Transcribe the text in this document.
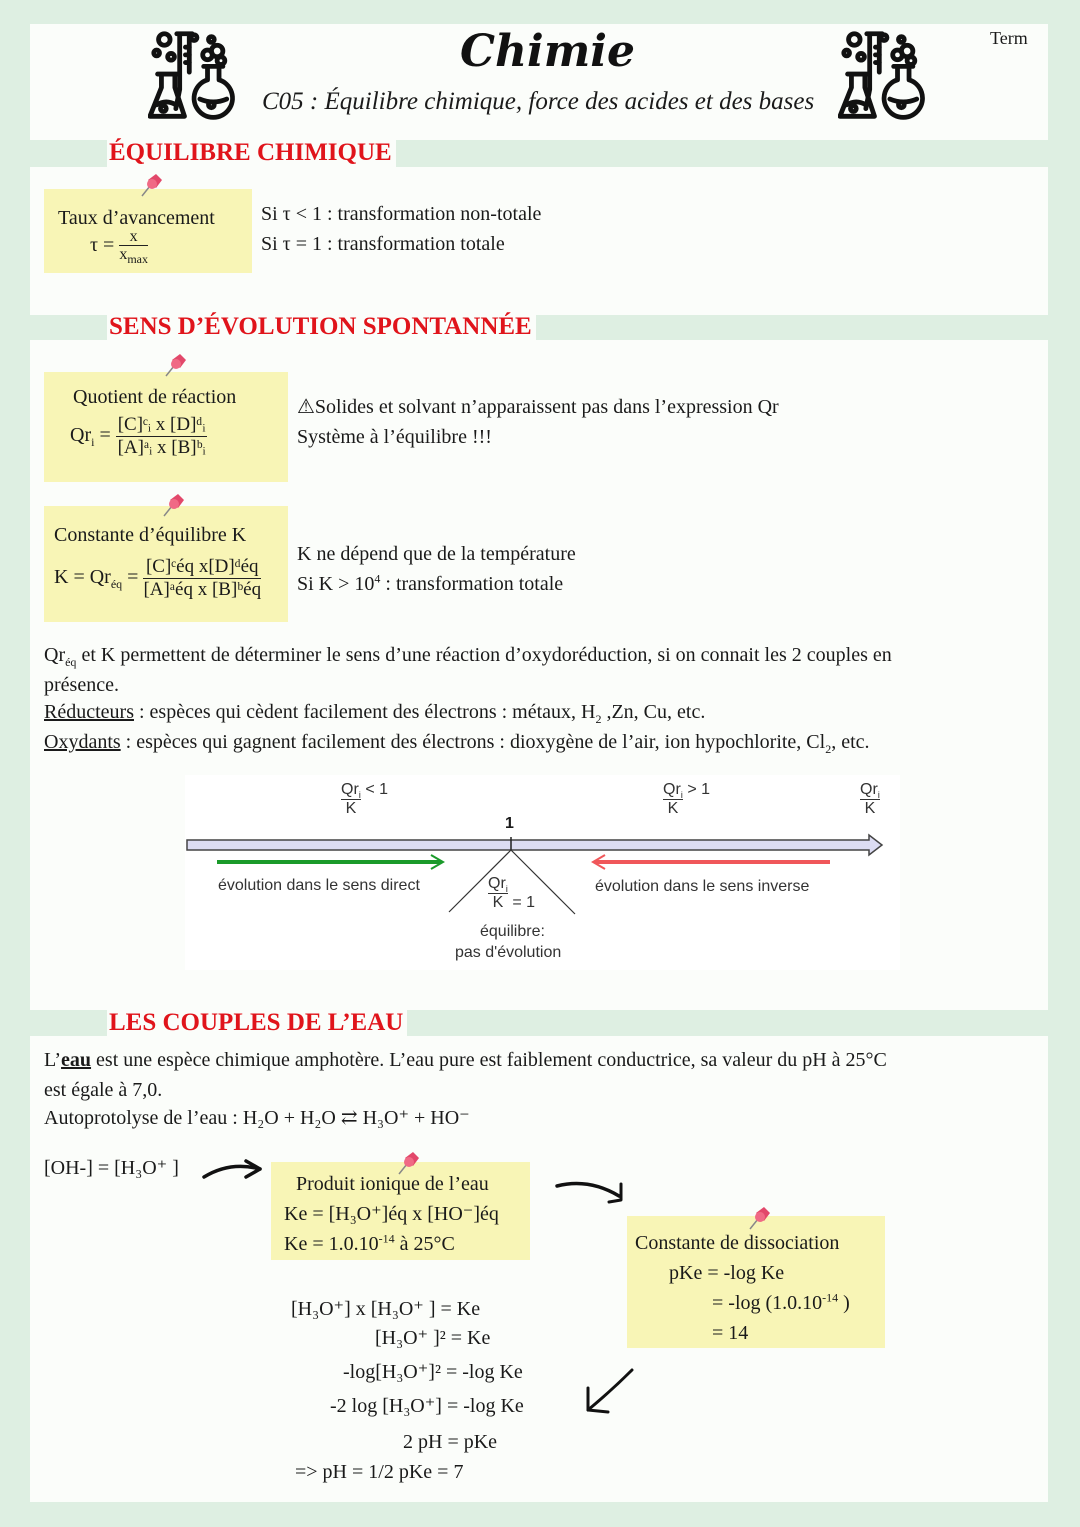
Chimie
C05 : Équilibre chimique, force des acides et des bases
Term
Taux d’avancement
$\tau = \frac{x}{x_{max}}$
Si τ < 1 : transformation non-totale
Si τ = 1 : transformation totale
ÉQUILIBRE CHIMIQUE
Quotient de réaction
$Qr_i = \frac{\text{[C]ᶜᵢ x [D]ᵈᵢ}}{\text{[A]ᵃᵢ x [B]ᵇᵢ}}$
⚠Solides et solvant n’apparaissent pas dans l’expression Qr
Système à l’équilibre !!!
Constante d’équilibre K
$K = Qr_{éq} = \frac{\text{[C]ᶜéq x[D]ᵈéq}}{\text{[A]ᵃéq x [B]ᵇéq}}$
K ne dépend que de la température
Si $K > 10^4$ : transformation totale
$Qr_{éq}$ et K permettent de déterminer le sens d’une réaction d’oxydoréduction, si on connait les 2 couples en
présence.
Réducteurs : espèces qui cèdent facilement des électrons : métaux, $H_2$ ,Zn, Cu, etc.
Oxydants : espèces qui gagnent facilement des électrons : dioxygène de l’air, ion hypochlorite, $Cl_2$, etc.
SENS D’ÉVOLUTION SPONTANNÉE
$Qr_i$
K
< 1
1
$Qr_i$
K
> 1	$Qr_i$
K
évolution dans le sens direct	évolution dans le sens inverse
$Qr_i$
K = 1
équilibre:
pas d'évolution
L’eau est une espèce chimique amphotère. L’eau pure est faiblement conductrice, sa valeur du pH à 25°C
est égale à 7,0.
Autoprotolyse de l’eau : H₂O + H₂O ⇄ H₃O⁺ + HO⁻
[OH-] = [H₃O⁺ ]
Produit ionique de l’eau
Ke = [H₃O⁺]éq x [HO⁻]éq
$Ke = 1.0.10^{-14}$ à 25°C	Constante de dissociation
pKe = -log Ke
= -log ($1.0.10^{-14}$ )
= 14
[H₃O⁺] x [H₃O⁺ ] = Ke
[H₃O⁺ ]² = Ke
-log[H₃O⁺]² = -log Ke
-2 log [H₃O⁺] = -log Ke
2 pH = pKe
=> pH = 1/2 pKe = 7
LES COUPLES DE L’EAU
